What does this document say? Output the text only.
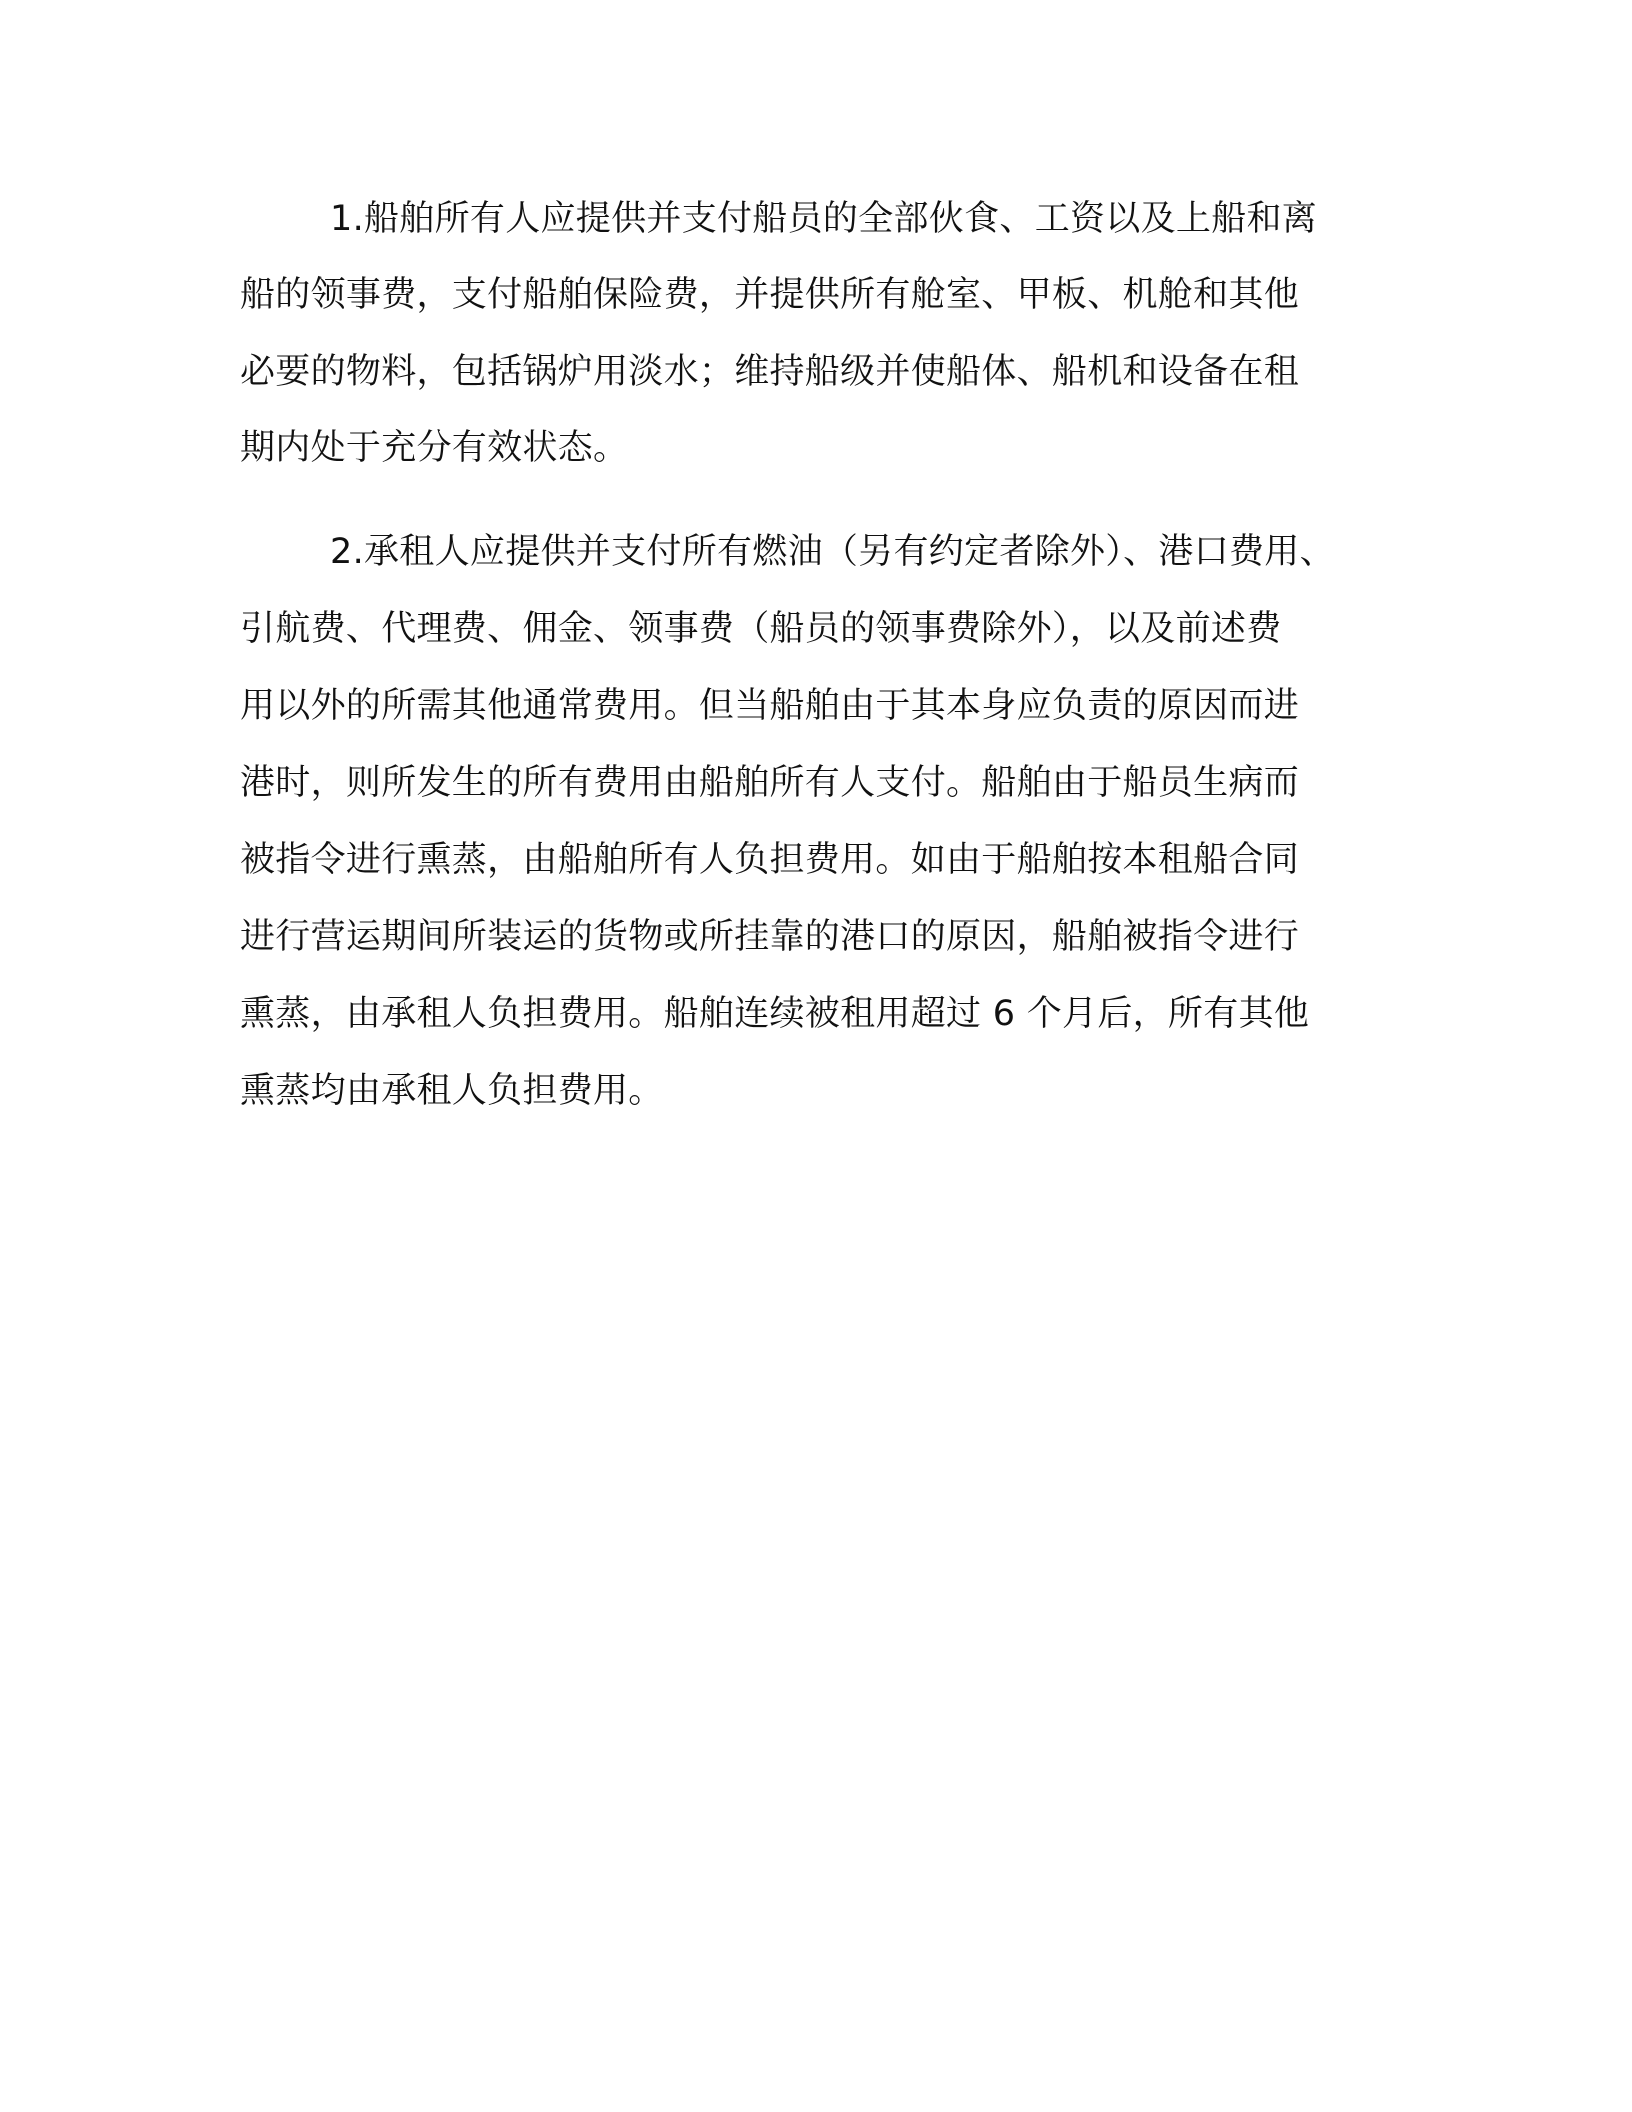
1.船舶所有人应提供并支付船员的全部伙食、工资以及上船和离
船的领事费，支付船舶保险费，并提供所有舱室、甲板、机舱和其他
必要的物料，包括锅炉用淡水；维持船级并使船体、船机和设备在租
期内处于充分有效状态。
2.承租人应提供并支付所有燃油（另有约定者除外）、港口费用、
引航费、代理费、佣金、领事费（船员的领事费除外），以及前述费
用以外的所需其他通常费用。但当船舶由于其本身应负责的原因而进
港时，则所发生的所有费用由船舶所有人支付。船舶由于船员生病而
被指令进行熏蒸，由船舶所有人负担费用。如由于船舶按本租船合同
进行营运期间所装运的货物或所挂靠的港口的原因，船舶被指令进行
熏蒸，由承租人负担费用。船舶连续被租用超过 6 个月后，所有其他
熏蒸均由承租人负担费用。
